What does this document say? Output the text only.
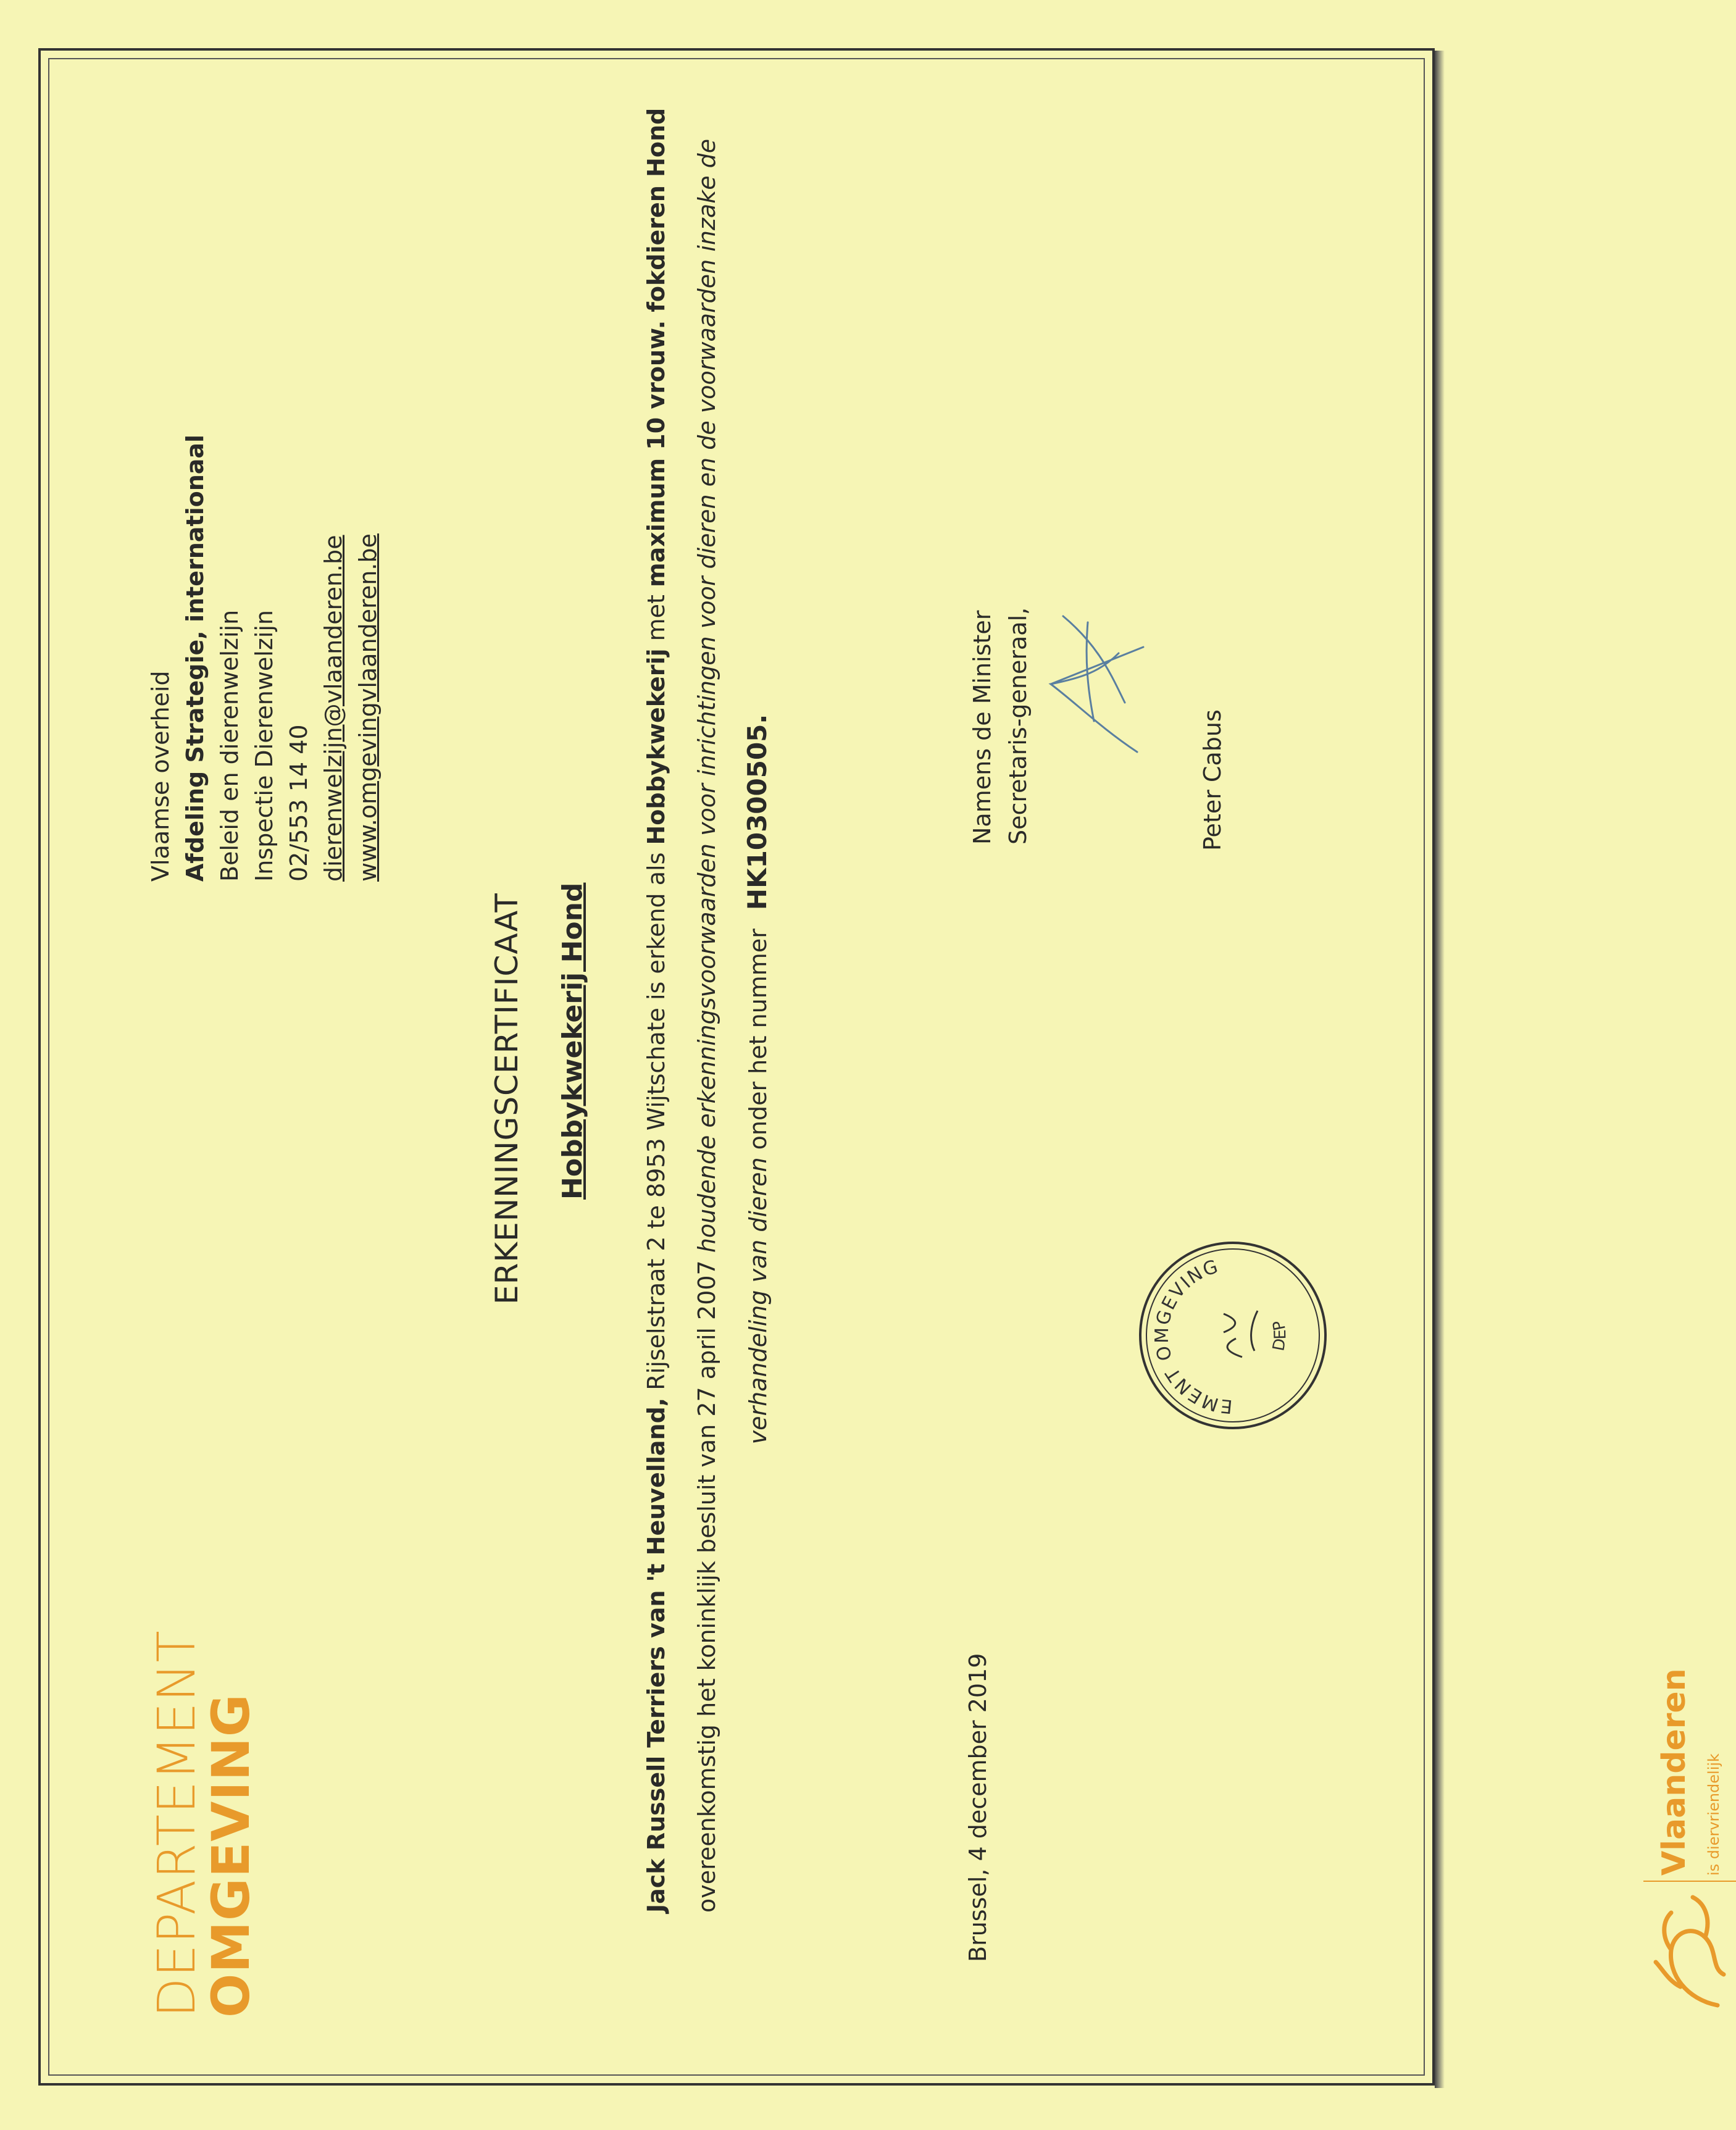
DEPARTEMENT
OMGEVING
Vlaamse overheid Afdeling Strategie, internationaal Beleid en dierenwelzijn Inspectie Dierenwelzijn 02/553 14 40 dierenwelzijn@vlaanderen.be www.omgevingvlaanderen.be
ERKENNINGSCERTIFICAAT Hobbykwekerij Hond
Jack Russell Terriers van 't Heuvelland, Rijselstraat 2 te 8953 Wijtschate is erkend als Hobbykwekerij met maximum 10 vrouw. fokdieren Hond
overeenkomstig het koninklijk besluit van 27 april 2007 houdende erkenningsvoorwaarden voor inrichtingen voor dieren en de voorwaarden inzake de
verhandeling van dieren onder het nummer HK10300505.
Brussel, 4 december 2019
Namens de Minister Secretaris-generaal,	Peter Cabus
EMENT OMGEVING
DEP
Vlaanderen is diervriendelijk
